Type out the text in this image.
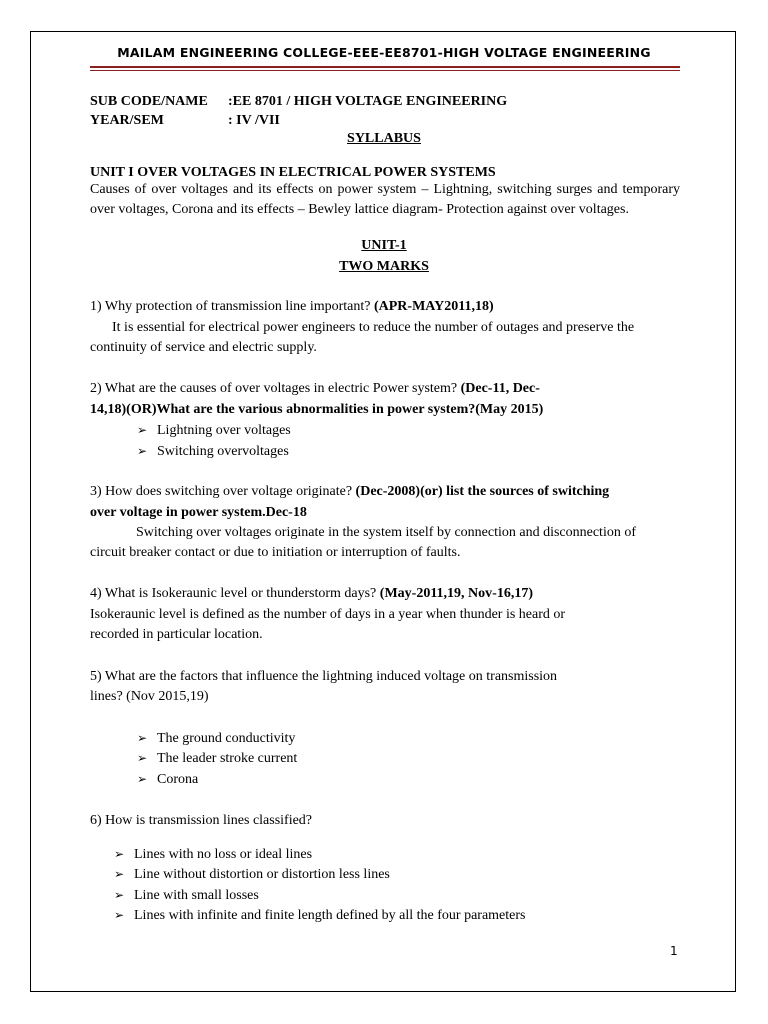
MAILAM ENGINEERING COLLEGE-EEE-EE8701-HIGH VOLTAGE ENGINEERING
SUB CODE/NAME :EE 8701 / HIGH VOLTAGE ENGINEERING
YEAR/SEM	: IV /VII
SYLLABUS
UNIT I OVER VOLTAGES IN ELECTRICAL POWER SYSTEMS
Causes of over voltages and its effects on power system – Lightning, switching surges and temporary over voltages, Corona and its effects – Bewley lattice diagram- Protection against over voltages.
UNIT-1
TWO MARKS
1) Why protection of transmission line important? (APR-MAY2011,18)
It is essential for electrical power engineers to reduce the number of outages and preserve the
continuity of service and electric supply.
2) What are the causes of over voltages in electric Power system? (Dec-11, Dec-
14,18)(OR)What are the various abnormalities in power system?(May 2015)
➢ Lightning over voltages
➢ Switching overvoltages
3) How does switching over voltage originate? (Dec-2008)(or) list the sources of switching
over voltage in power system.Dec-18
Switching over voltages originate in the system itself by connection and disconnection of
circuit breaker contact or due to initiation or interruption of faults.
4) What is Isokeraunic level or thunderstorm days? (May-2011,19, Nov-16,17)
Isokeraunic level is defined as the number of days in a year when thunder is heard or
recorded in particular location.
5) What are the factors that influence the lightning induced voltage on transmission
lines? (Nov 2015,19)
➢ The ground conductivity
➢ The leader stroke current
➢ Corona
6) How is transmission lines classified?
➢ Lines with no loss or ideal lines
➢ Line without distortion or distortion less lines
➢ Line with small losses
➢ Lines with infinite and finite length defined by all the four parameters
1
